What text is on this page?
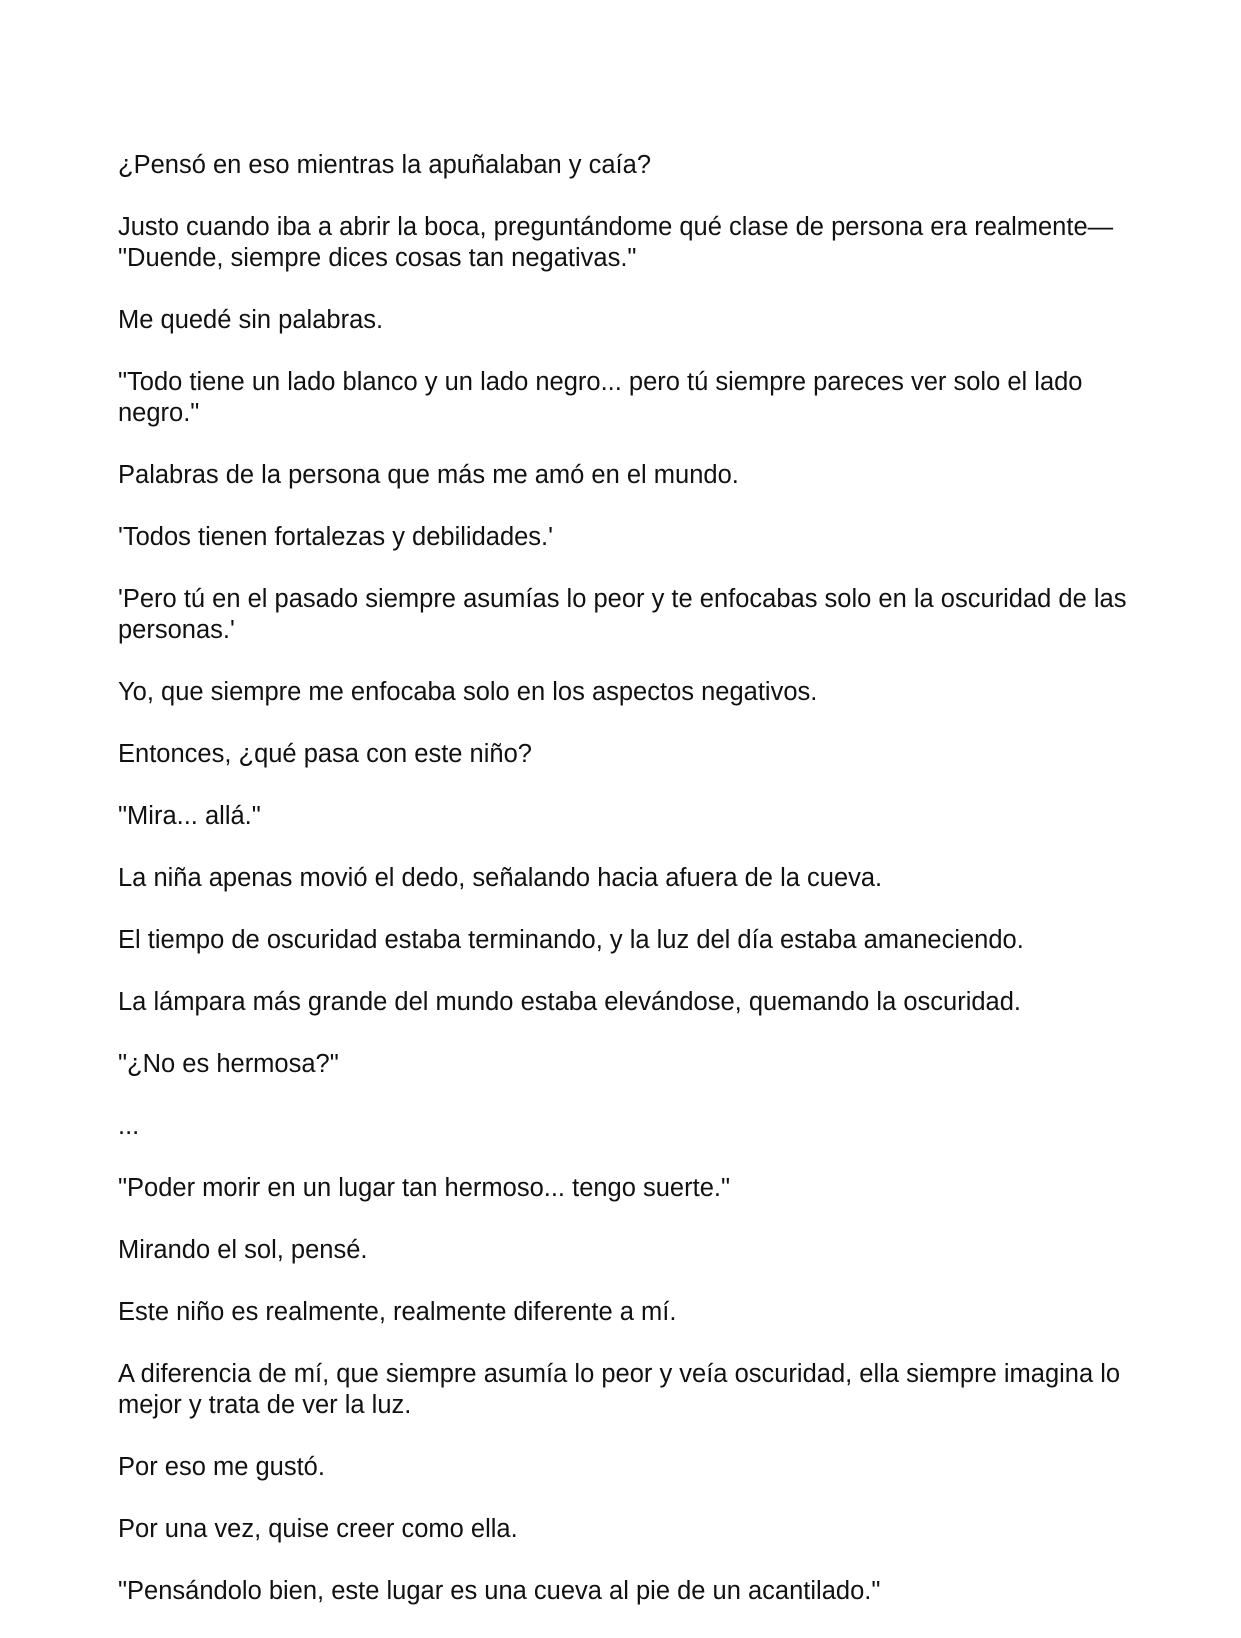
¿Pensó en eso mientras la apuñalaban y caía?

Justo cuando iba a abrir la boca, preguntándome qué clase de persona era realmente— "Duende, siempre dices cosas tan negativas."

Me quedé sin palabras.

"Todo tiene un lado blanco y un lado negro... pero tú siempre pareces ver solo el lado negro."

Palabras de la persona que más me amó en el mundo.

'Todos tienen fortalezas y debilidades.'

'Pero tú en el pasado siempre asumías lo peor y te enfocabas solo en la oscuridad de las personas.'

Yo, que siempre me enfocaba solo en los aspectos negativos.

Entonces, ¿qué pasa con este niño?

"Mira... allá."

La niña apenas movió el dedo, señalando hacia afuera de la cueva.

El tiempo de oscuridad estaba terminando, y la luz del día estaba amaneciendo.

La lámpara más grande del mundo estaba elevándose, quemando la oscuridad.

"¿No es hermosa?"

...

"Poder morir en un lugar tan hermoso... tengo suerte."

Mirando el sol, pensé.

Este niño es realmente, realmente diferente a mí.

A diferencia de mí, que siempre asumía lo peor y veía oscuridad, ella siempre imagina lo mejor y trata de ver la luz.

Por eso me gustó.

Por una vez, quise creer como ella.

"Pensándolo bien, este lugar es una cueva al pie de un acantilado."
